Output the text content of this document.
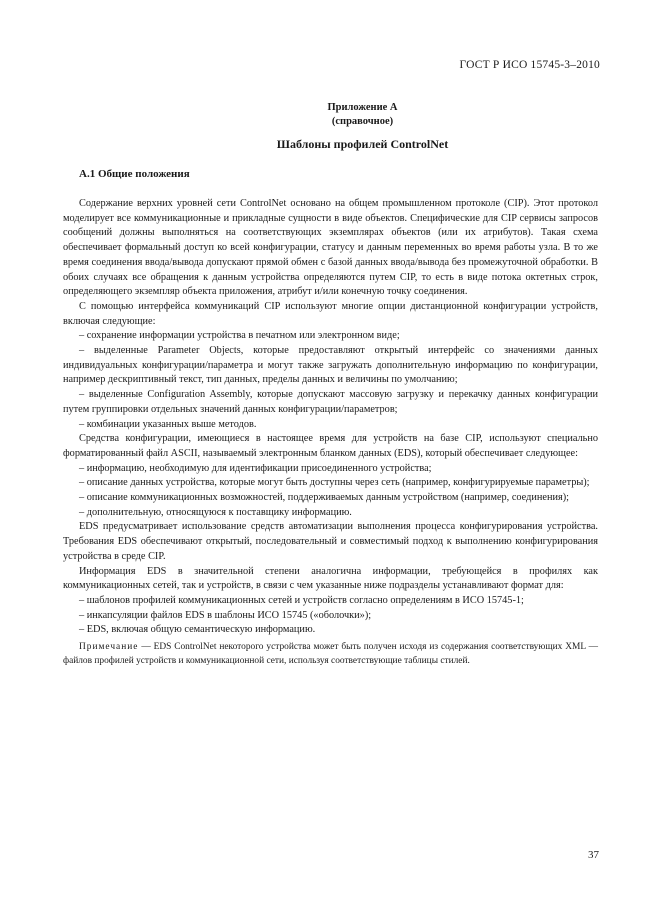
ГОСТ Р ИСО 15745-3–2010
Приложение А
(справочное)
Шаблоны профилей ControlNet
А.1 Общие положения

Содержание верхних уровней сети ControlNet основано на общем промышленном протоколе (CIP). Этот протокол моделирует все коммуникационные и прикладные сущности в виде объектов. Специфические для CIP сервисы запросов сообщений должны выполняться на соответствующих экземплярах объектов (или их атрибутов). Такая схема обеспечивает формальный доступ ко всей конфигурации, статусу и данным переменных во время работы узла. В то же время соединения ввода/вывода допускают прямой обмен с базой данных ввода/вывода без промежуточной обработки. В обоих случаях все обращения к данным устройства определяются путем CIP, то есть в виде потока октетных строк, определяющего экземпляр объекта приложения, атрибут и/или конечную точку соединения.

С помощью интерфейса коммуникаций CIP используют многие опции дистанционной конфигурации устройств, включая следующие:

– сохранение информации устройства в печатном или электронном виде;

– выделенные Parameter Objects, которые предоставляют открытый интерфейс со значениями данных индивидуальных конфигурации/параметра и могут также загружать дополнительную информацию по конфигурации, например дескриптивный текст, тип данных, пределы данных и величины по умолчанию;

– выделенные Configuration Assembly, которые допускают массовую загрузку и перекачку данных конфигурации путем группировки отдельных значений данных конфигурации/параметров;

– комбинации указанных выше методов.

Средства конфигурации, имеющиеся в настоящее время для устройств на базе CIP, используют специально форматированный файл ASCII, называемый электронным бланком данных (EDS), который обеспечивает следующее:

– информацию, необходимую для идентификации присоединенного устройства;

– описание данных устройства, которые могут быть доступны через сеть (например, конфигурируемые параметры);

– описание коммуникационных возможностей, поддерживаемых данным устройством (например, соединения);

– дополнительную, относящуюся к поставщику информацию.

EDS предусматривает использование средств автоматизации выполнения процесса конфигурирования устройства. Требования EDS обеспечивают открытый, последовательный и совместимый подход к выполнению конфигурирования устройства в среде CIP.

Информация EDS в значительной степени аналогична информации, требующейся в профилях как коммуникационных сетей, так и устройств, в связи с чем указанные ниже подразделы устанавливают формат для:

– шаблонов профилей коммуникационных сетей и устройств согласно определениям в ИСО 15745-1;

– инкапсуляции файлов EDS в шаблоны ИСО 15745 («оболочки»);

– EDS, включая общую семантическую информацию.

Примечание — EDS ControlNet некоторого устройства может быть получен исходя из содержания соответствующих XML — файлов профилей устройств и коммуникационной сети, используя соответствующие таблицы стилей.

37
